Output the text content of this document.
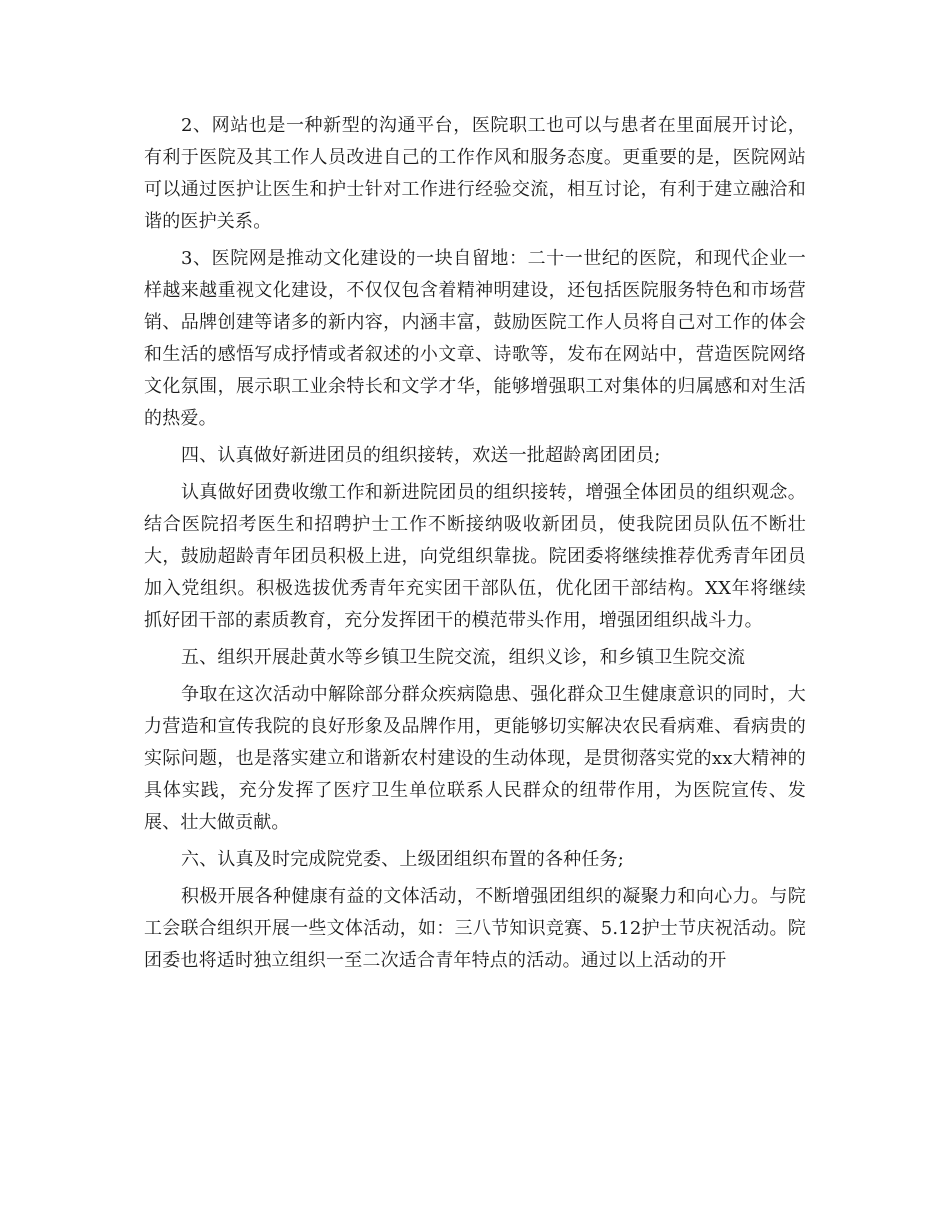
2、网站也是一种新型的沟通平台，医院职工也可以与患者在里面展开讨论，有利于医院及其工作人员改进自己的工作作风和服务态度。更重要的是，医院网站可以通过医护让医生和护士针对工作进行经验交流，相互讨论，有利于建立融洽和谐的医护关系。

3、医院网是推动文化建设的一块自留地：二十一世纪的医院，和现代企业一样越来越重视文化建设，不仅仅包含着精神明建设，还包括医院服务特色和市场营销、品牌创建等诸多的新内容，内涵丰富，鼓励医院工作人员将自己对工作的体会和生活的感悟写成抒情或者叙述的小文章、诗歌等，发布在网站中，营造医院网络文化氛围，展示职工业余特长和文学才华，能够增强职工对集体的归属感和对生活的热爱。

四、认真做好新进团员的组织接转，欢送一批超龄离团团员;

认真做好团费收缴工作和新进院团员的组织接转，增强全体团员的组织观念。结合医院招考医生和招聘护士工作不断接纳吸收新团员，使我院团员队伍不断壮大，鼓励超龄青年团员积极上进，向党组织靠拢。院团委将继续推荐优秀青年团员加入党组织。积极选拔优秀青年充实团干部队伍，优化团干部结构。XX年将继续抓好团干部的素质教育，充分发挥团干的模范带头作用，增强团组织战斗力。

五、组织开展赴黄水等乡镇卫生院交流，组织义诊，和乡镇卫生院交流

争取在这次活动中解除部分群众疾病隐患、强化群众卫生健康意识的同时，大力营造和宣传我院的良好形象及品牌作用，更能够切实解决农民看病难、看病贵的实际问题，也是落实建立和谐新农村建设的生动体现，是贯彻落实党的xx大精神的具体实践，充分发挥了医疗卫生单位联系人民群众的纽带作用，为医院宣传、发展、壮大做贡献。

六、认真及时完成院党委、上级团组织布置的各种任务;

积极开展各种健康有益的文体活动，不断增强团组织的凝聚力和向心力。与院工会联合组织开展一些文体活动，如：三八节知识竞赛、5.12护士节庆祝活动。院团委也将适时独立组织一至二次适合青年特点的活动。通过以上活动的开
